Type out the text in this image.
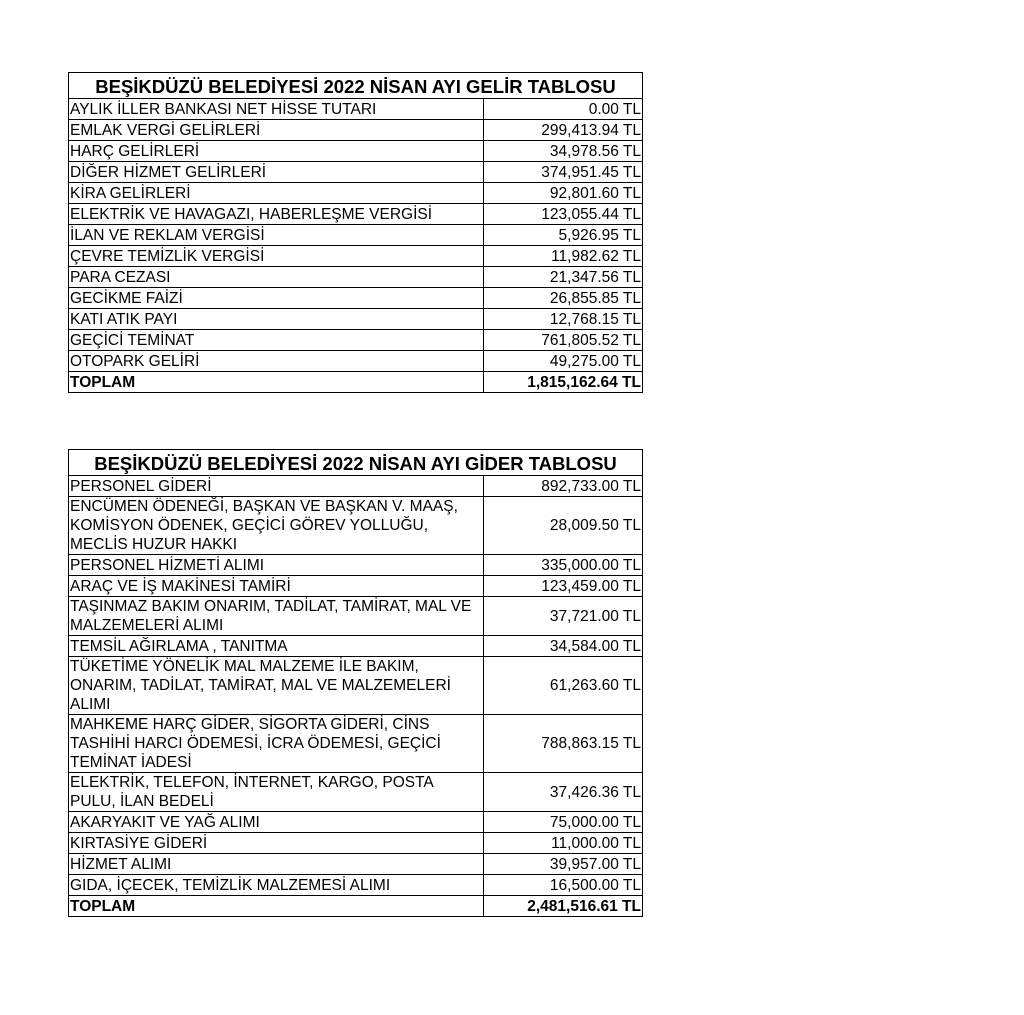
BEŞİKDÜZÜ BELEDİYESİ 2022 NİSAN AYI GELİR TABLOSU	
AYLIK İLLER BANKASI NET HİSSE TUTARI	0.00 TL
EMLAK VERGİ GELİRLERİ	299,413.94 TL
HARÇ GELİRLERİ	34,978.56 TL
DİĞER HİZMET GELİRLERİ	374,951.45 TL
KİRA GELİRLERİ	92,801.60 TL
ELEKTRİK VE HAVAGAZI, HABERLEŞME VERGİSİ	123,055.44 TL
İLAN VE REKLAM VERGİSİ	5,926.95 TL
ÇEVRE TEMİZLİK VERGİSİ	11,982.62 TL
PARA CEZASI	21,347.56 TL
GECİKME FAİZİ	26,855.85 TL
KATI ATIK PAYI	12,768.15 TL
GEÇİCİ TEMİNAT	761,805.52 TL
OTOPARK GELİRİ	49,275.00 TL
TOPLAM	1,815,162.64 TL
BEŞİKDÜZÜ BELEDİYESİ 2022 NİSAN AYI GİDER TABLOSU	
PERSONEL GİDERİ	892,733.00 TL
ENCÜMEN ÖDENEĞİ, BAŞKAN VE BAŞKAN V. MAAŞ, KOMİSYON ÖDENEK, GEÇİCİ GÖREV YOLLUĞU, MECLİS HUZUR HAKKI	28,009.50 TL
PERSONEL HİZMETİ ALIMI	335,000.00 TL
ARAÇ VE İŞ MAKİNESİ TAMİRİ	123,459.00 TL
TAŞINMAZ BAKIM ONARIM, TADİLAT, TAMİRAT, MAL VE MALZEMELERİ ALIMI	37,721.00 TL
TEMSİL AĞIRLAMA , TANITMA	34,584.00 TL
TÜKETİME YÖNELİK MAL MALZEME İLE BAKIM, ONARIM, TADİLAT, TAMİRAT, MAL VE MALZEMELERİ ALIMI	61,263.60 TL
MAHKEME HARÇ GİDER, SİGORTA GİDERİ, CİNS TASHİHİ HARCI ÖDEMESİ, İCRA ÖDEMESİ, GEÇİCİ TEMİNAT İADESİ	788,863.15 TL
ELEKTRİK, TELEFON, İNTERNET, KARGO, POSTA PULU, İLAN BEDELİ	37,426.36 TL
AKARYAKIT VE YAĞ ALIMI	75,000.00 TL
KIRTASİYE GİDERİ	11,000.00 TL
HİZMET ALIMI	39,957.00 TL
GIDA, İÇECEK, TEMİZLİK MALZEMESİ ALIMI	16,500.00 TL
TOPLAM	2,481,516.61 TL
